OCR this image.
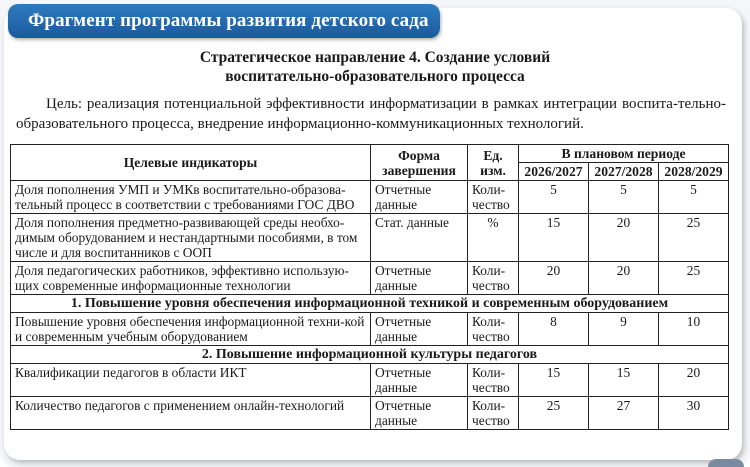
Фрагмент программы развития детского сада
Стратегическое направление 4. Создание условий
воспитательно-образовательного процесса
Цель: реализация потенциальной эффективности информатизации в рамках интеграции воспита-тельно-образовательного процесса, внедрение информационно-коммуникационных технологий.
Целевые индикаторы	Форма завершения	Ед. изм.	В плановом периоде		
			2026/2027	2027/2028	2028/2029
Доля пополнения УМП и УМКв воспитательно-образова-тельный процесс в соответствии с требованиями ГОС ДВО	Отчетные данные	Коли-чество	5	5	5
Доля пополнения предметно-развивающей среды необхо-димым оборудованием и нестандартными пособиями, в том числе и для воспитанников с ООП	Стат. данные	%	15	20	25
Доля педагогических работников, эффективно использую-щих современные информационные технологии	Отчетные данные	Коли-чество	20	20	25
1. Повышение уровня обеспечения информационной техникой и современным оборудованием					
Повышение уровня обеспечения информационной техни-кой и современным учебным оборудованием	Отчетные данные	Коли-чество	8	9	10
2. Повышение информационной культуры педагогов					
Квалификации педагогов в области ИКТ	Отчетные данные	Коли-чество	15	15	20
Количество педагогов с применением онлайн-технологий	Отчетные данные	Коли-чество	25	27	30
